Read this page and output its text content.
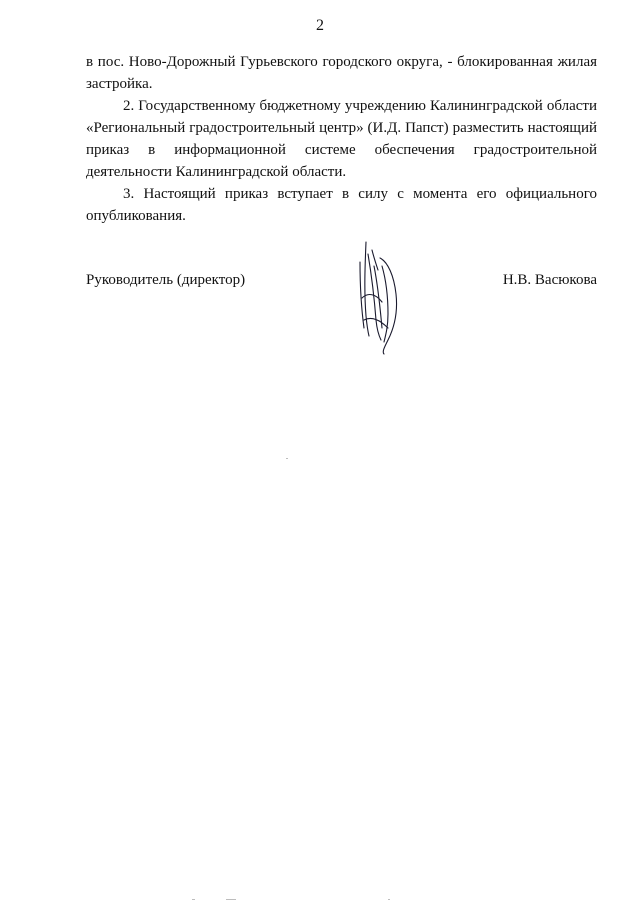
2

в пос. Ново-Дорожный Гурьевского городского округа, - блокированная жилая застройка.

2. Государственному бюджетному учреждению Калининградской области «Региональный градостроительный центр» (И.Д. Папст) разместить настоящий приказ в информационной системе обеспечения градостроительной деятельности Калининградской области.

3. Настоящий приказ вступает в силу с момента его официального опубликования.

Руководитель (директор)	Н.В. Васюкова
